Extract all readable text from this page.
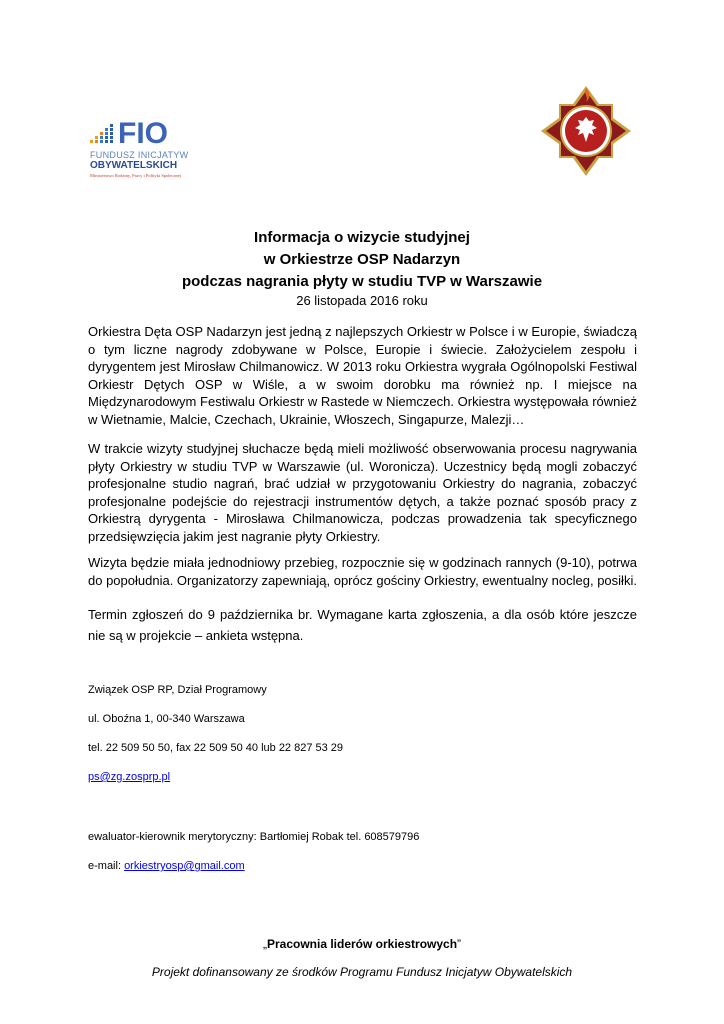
FIO
FUNDUSZ INICJATYW
OBYWATELSKICH
Ministerstwo Rodziny, Pracy i Polityki Społecznej
Informacja o wizycie studyjnej
w Orkiestrze OSP Nadarzyn
podczas nagrania płyty w studiu TVP w Warszawie
26 listopada 2016 roku

Orkiestra Dęta OSP Nadarzyn jest jedną z najlepszych Orkiestr w Polsce i w Europie, świadczą o tym liczne nagrody zdobywane w Polsce, Europie i świecie. Założycielem zespołu i dyrygentem jest Mirosław Chilmanowicz. W 2013 roku Orkiestra wygrała Ogólnopolski Festiwal Orkiestr Dętych OSP w Wiśle, a w swoim dorobku ma również np. I miejsce na Międzynarodowym Festiwalu Orkiestr w Rastede w Niemczech. Orkiestra występowała również w Wietnamie, Malcie, Czechach, Ukrainie, Włoszech, Singapurze, Malezji…

W trakcie wizyty studyjnej słuchacze będą mieli możliwość obserwowania procesu nagrywania płyty Orkiestry w studiu TVP w Warszawie (ul. Woronicza). Uczestnicy będą mogli zobaczyć profesjonalne studio nagrań, brać udział w przygotowaniu Orkiestry do nagrania, zobaczyć profesjonalne podejście do rejestracji instrumentów dętych, a także poznać sposób pracy z Orkiestrą dyrygenta - Mirosława Chilmanowicza, podczas prowadzenia tak specyficznego przedsięwzięcia jakim jest nagranie płyty Orkiestry.

Wizyta będzie miała jednodniowy przebieg, rozpocznie się w godzinach rannych (9-10), potrwa do popołudnia. Organizatorzy zapewniają, oprócz gościny Orkiestry, ewentualny nocleg, posiłki.

Termin zgłoszeń do 9 października br. Wymagane karta zgłoszenia, a dla osób które jeszcze nie są w projekcie – ankieta wstępna.

Związek OSP RP, Dział Programowy

ul. Oboźna 1, 00-340 Warszawa

tel. 22 509 50 50, fax 22 509 50 40 lub 22 827 53 29

ps@zg.zosprp.pl

ewaluator-kierownik merytoryczny: Bartłomiej Robak tel. 608579796

e-mail: orkiestryosp@gmail.com

„Pracownia liderów orkiestrowych”
Projekt dofinansowany ze środków Programu Fundusz Inicjatyw Obywatelskich
